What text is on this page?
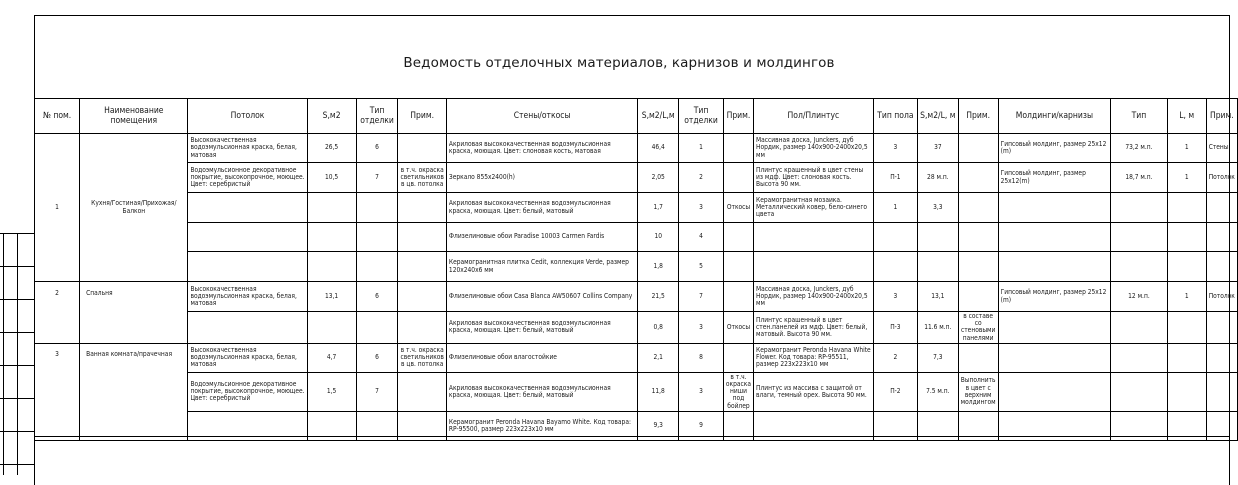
Ведомость отделочных материалов, карнизов и молдингов
№ пом.	Наименование помещения	Потолок	S,м2	Тип отделки	Прим.	Стены/откосы	S,м2/L,м	Тип отделки	Прим.	Пол/Плинтус	Тип пола	S,м2/L, м	Прим.	Молдинги/карнизы	Тип	L, м	Прим.
1	Кухня/Гостиная/Прихожая/Балкон	Высококачественная водоэмульсионная краска, белая, матовая	26,5	6		Акриловая высококачественная водоэмульсионная краска, моющая. Цвет: слоновая кость, матовая	46,4	1		Массивная доска, Junckers, дуб Нордик, размер 140х900-2400х20,5 мм	3	37		Гипсовый молдинг, размер 25х12 (m)	73,2 м.п.	1	Стены
		Водоэмульсионное декоративное покрытие, высокопрочное, моющее. Цвет: серебристый	10,5	7	в т.ч. окраска светильников в цв. потолка	Зеркало 855х2400(h)	2,05	2		Плинтус крашенный в цвет стены из мдф. Цвет: слоновая кость. Высота 90 мм.	П-1	28 м.п.		Гипсовый молдинг, размер 25х12(m)	18,7 м.п.	1	Потолок
						Акриловая высококачественная водоэмульсионная краска, моющая. Цвет: белый, матовый	1,7	3	Откосы	Керамогранитная мозаика. Металлический ковер, бело-синего цвета	1	3,3					
						Флизелиновые обои Paradise 10003 Carmen Fardis	10	4									
						Керамогранитная плитка Cedit, коллекция Verde, размер 120х240х6 мм	1,8	5									
2	Спальня	Высококачественная водоэмульсионная краска, белая, матовая	13,1	6		Флизелиновые обои Casa Blanca AW50607 Collins Company	21,5	7		Массивная доска, Junckers, дуб Нордик, размер 140х900-2400х20,5 мм	3	13,1		Гипсовый молдинг, размер 25х12 (m)	12 м.п.	1	Потолок
						Акриловая высококачественная водоэмульсионная краска, моющая. Цвет: белый, матовый	0,8	3	Откосы	Плинтус крашенный в цвет стен.панелей из мдф. Цвет: белый, матовый. Высота 90 мм.	П-3	11.6 м.п.	в составе со стеновыми панелями				
3	Ванная комната/прачечная	Высококачественная водоэмульсионная краска, белая, матовая	4,7	6	в т.ч. окраска светильников в цв. потолка	Флизелиновые обои влагостойкие	2,1	8		Керамогранит Peronda Havana White Flower. Код товара: RP-95511, размер 223х223х10 мм	2	7,3					
		Водоэмульсионное декоративное покрытие, высокопрочное, моющее. Цвет: серебристый	1,5	7		Акриловая высококачественная водоэмульсионная краска, моющая. Цвет: белый, матовый	11,8	3	в т.ч. окраска ниши под бойлер	Плинтус из массива с защитой от влаги, темный орех. Высота 90 мм.	П-2	7.5 м.п.	Выполнить в цвет с верхним молдингом				
						Керамогранит Peronda Havana Bayamo White. Код товара: RP-95500, размер 223х223х10 мм	9,3	9									
